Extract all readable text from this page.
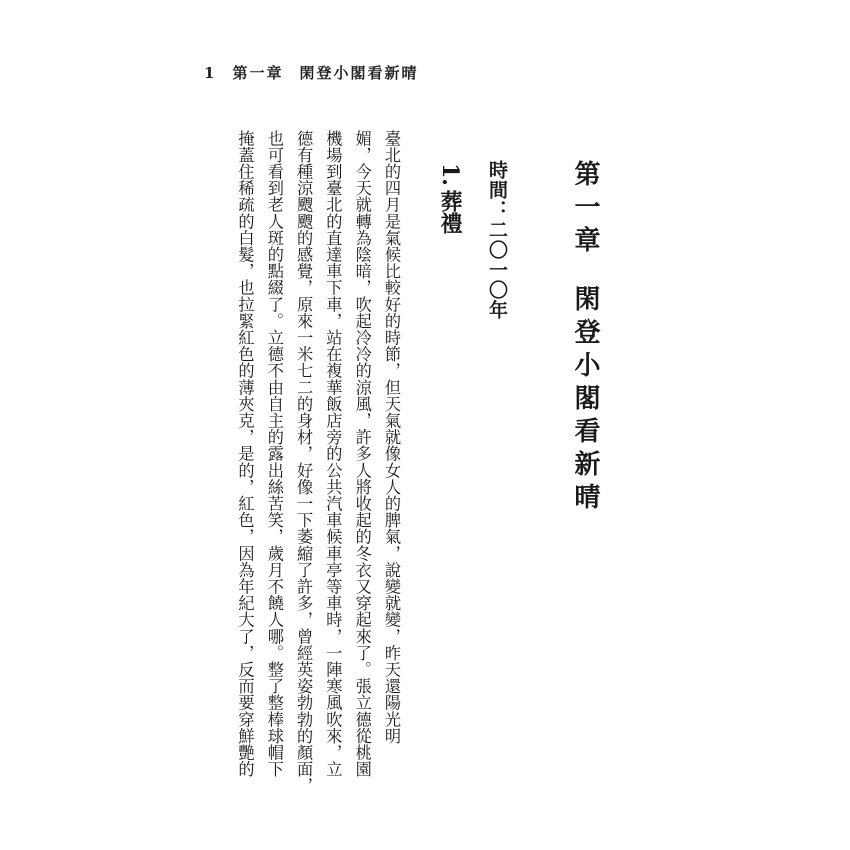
1 第一章 閑登小閣看新晴
第一章閑登小閣看新晴
時間：二〇一〇年
1.葬禮
臺北的四月是氣候比較好的時節，但天氣就像女人的脾氣，說變就變，昨天還陽光明
媚，今天就轉為陰暗，吹起冷冷的涼風，許多人將收起的冬衣又穿起來了。張立德從桃園
機場到臺北的直達車下車，站在複華飯店旁的公共汽車候車亭等車時，一陣寒風吹來，立
德有種涼颼颼的感覺，原來一米七二的身材，好像一下萎縮了許多，曾經英姿勃勃的顏面，
也可看到老人斑的點綴了。立德不由自主的露出絲苦笑，歲月不饒人哪。整了整棒球帽下
掩蓋住稀疏的白髮，也拉緊紅色的薄夾克，是的，紅色，因為年紀大了，反而要穿鮮艷的
